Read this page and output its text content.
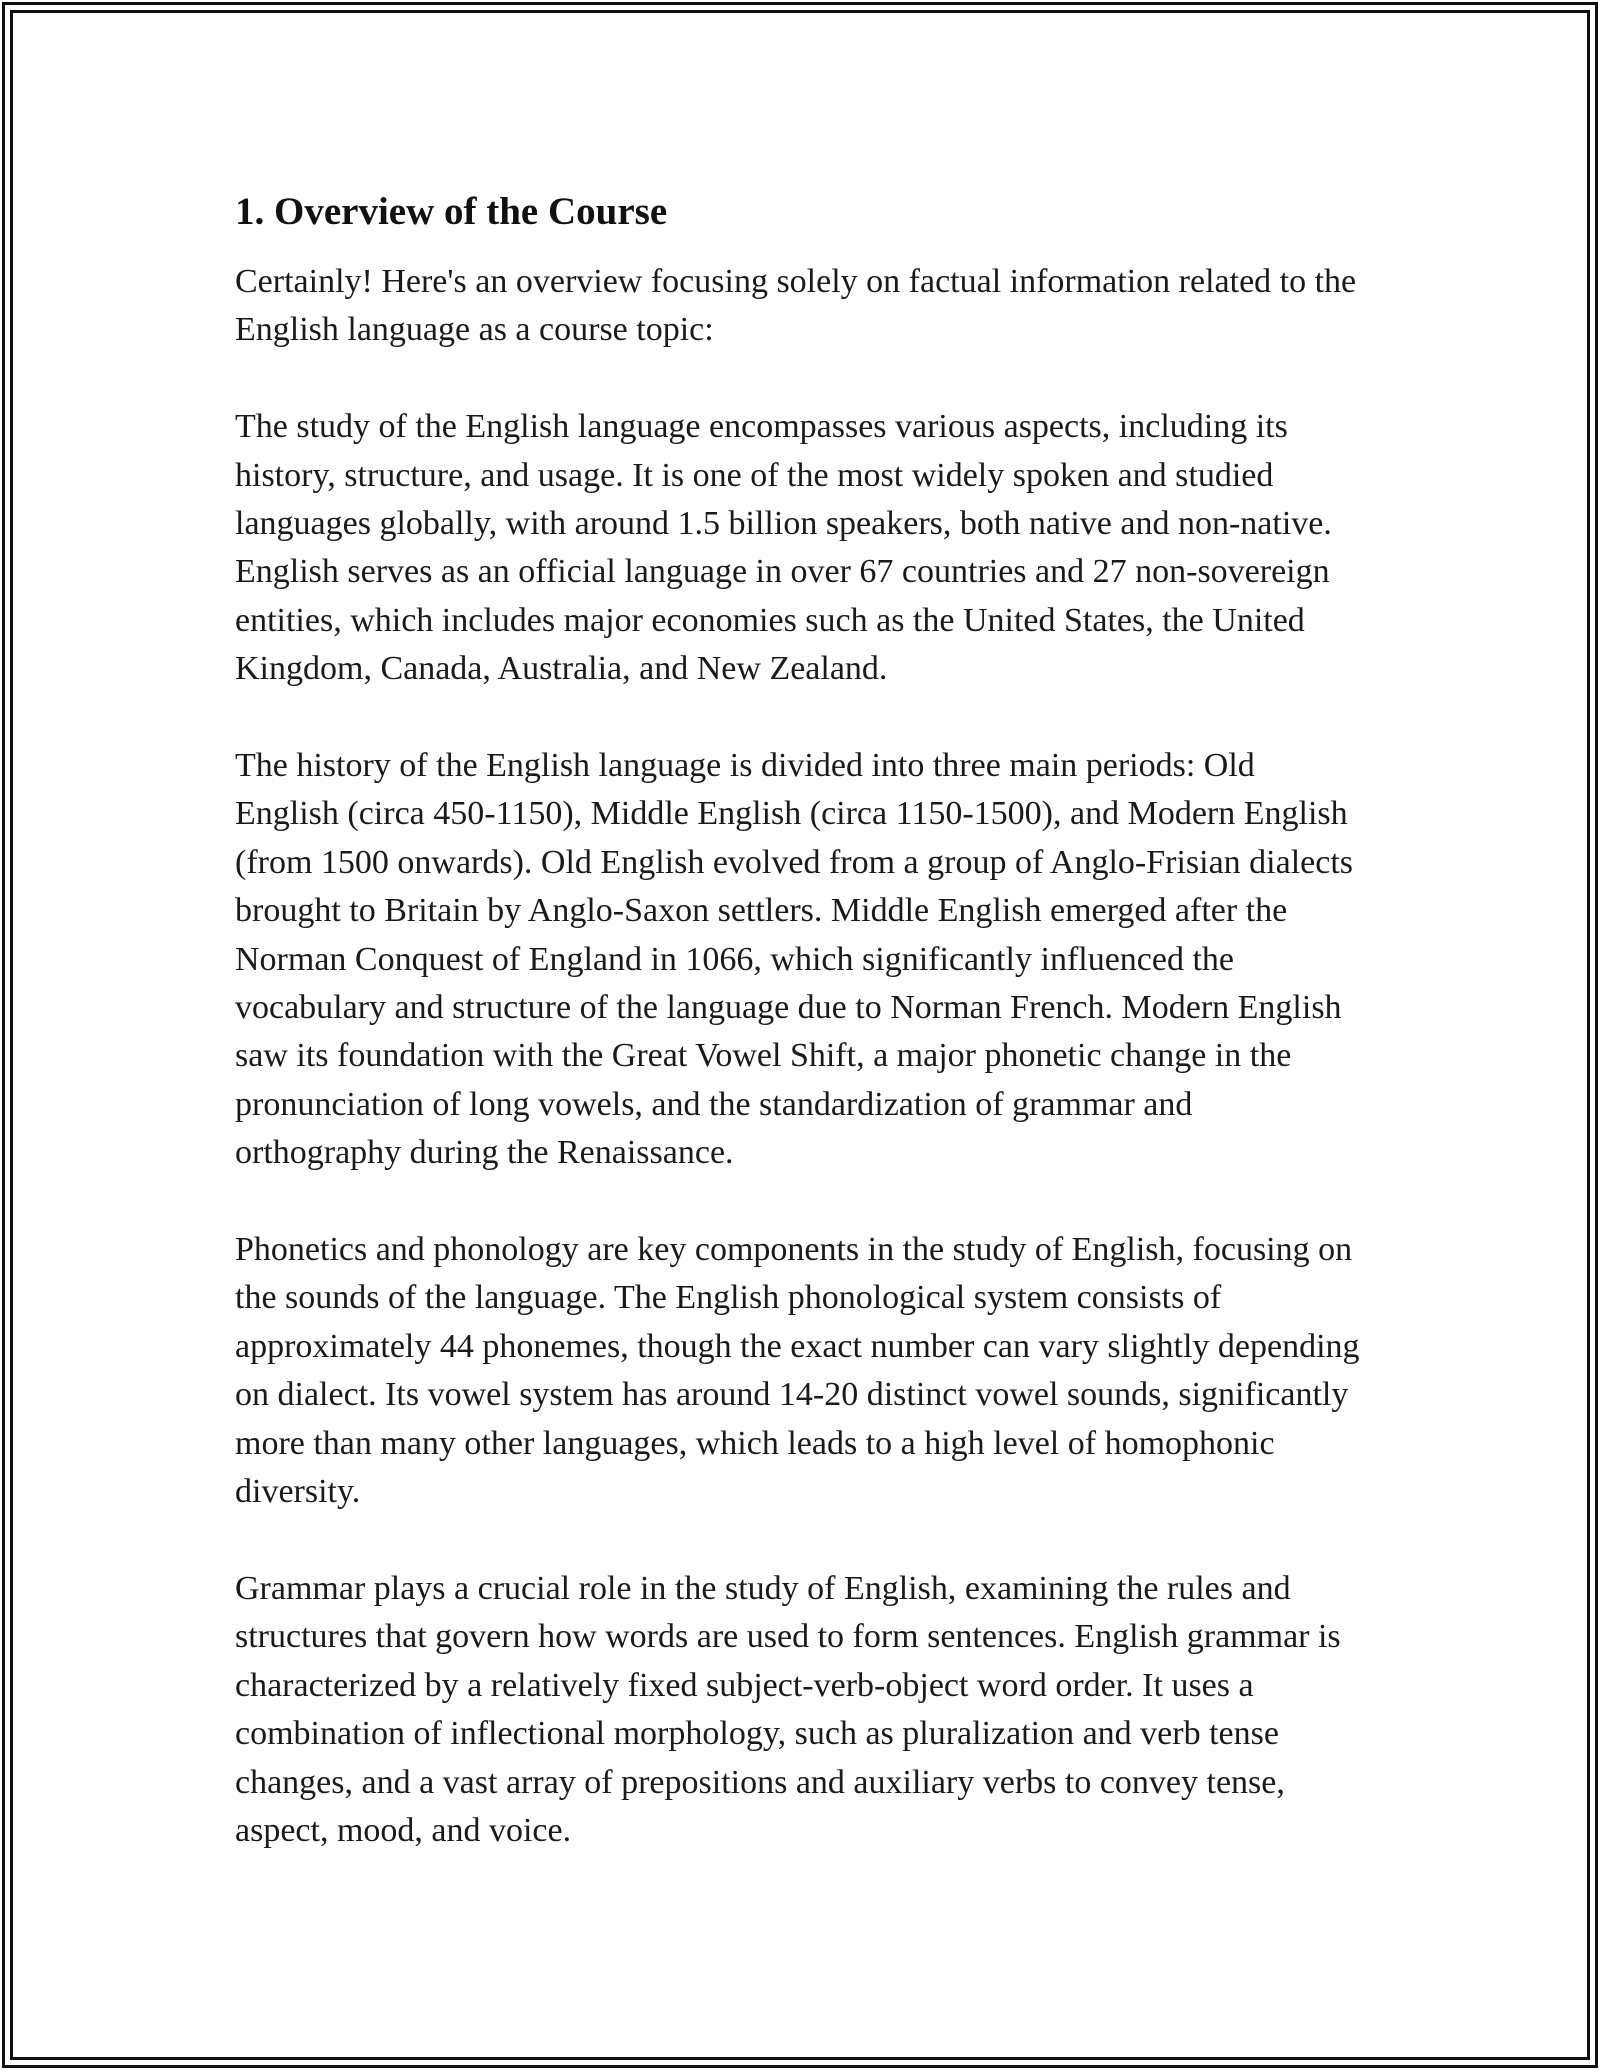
1. Overview of the Course

Certainly! Here's an overview focusing solely on factual information related to the English language as a course topic:

The study of the English language encompasses various aspects, including its history, structure, and usage. It is one of the most widely spoken and studied languages globally, with around 1.5 billion speakers, both native and non-native. English serves as an official language in over 67 countries and 27 non-sovereign entities, which includes major economies such as the United States, the United Kingdom, Canada, Australia, and New Zealand.

The history of the English language is divided into three main periods: Old English (circa 450-1150), Middle English (circa 1150-1500), and Modern English (from 1500 onwards). Old English evolved from a group of Anglo-Frisian dialects brought to Britain by Anglo-Saxon settlers. Middle English emerged after the Norman Conquest of England in 1066, which significantly influenced the vocabulary and structure of the language due to Norman French. Modern English saw its foundation with the Great Vowel Shift, a major phonetic change in the pronunciation of long vowels, and the standardization of grammar and orthography during the Renaissance.

Phonetics and phonology are key components in the study of English, focusing on the sounds of the language. The English phonological system consists of approximately 44 phonemes, though the exact number can vary slightly depending on dialect. Its vowel system has around 14-20 distinct vowel sounds, significantly more than many other languages, which leads to a high level of homophonic diversity.

Grammar plays a crucial role in the study of English, examining the rules and structures that govern how words are used to form sentences. English grammar is characterized by a relatively fixed subject-verb-object word order. It uses a combination of inflectional morphology, such as pluralization and verb tense changes, and a vast array of prepositions and auxiliary verbs to convey tense, aspect, mood, and voice.
